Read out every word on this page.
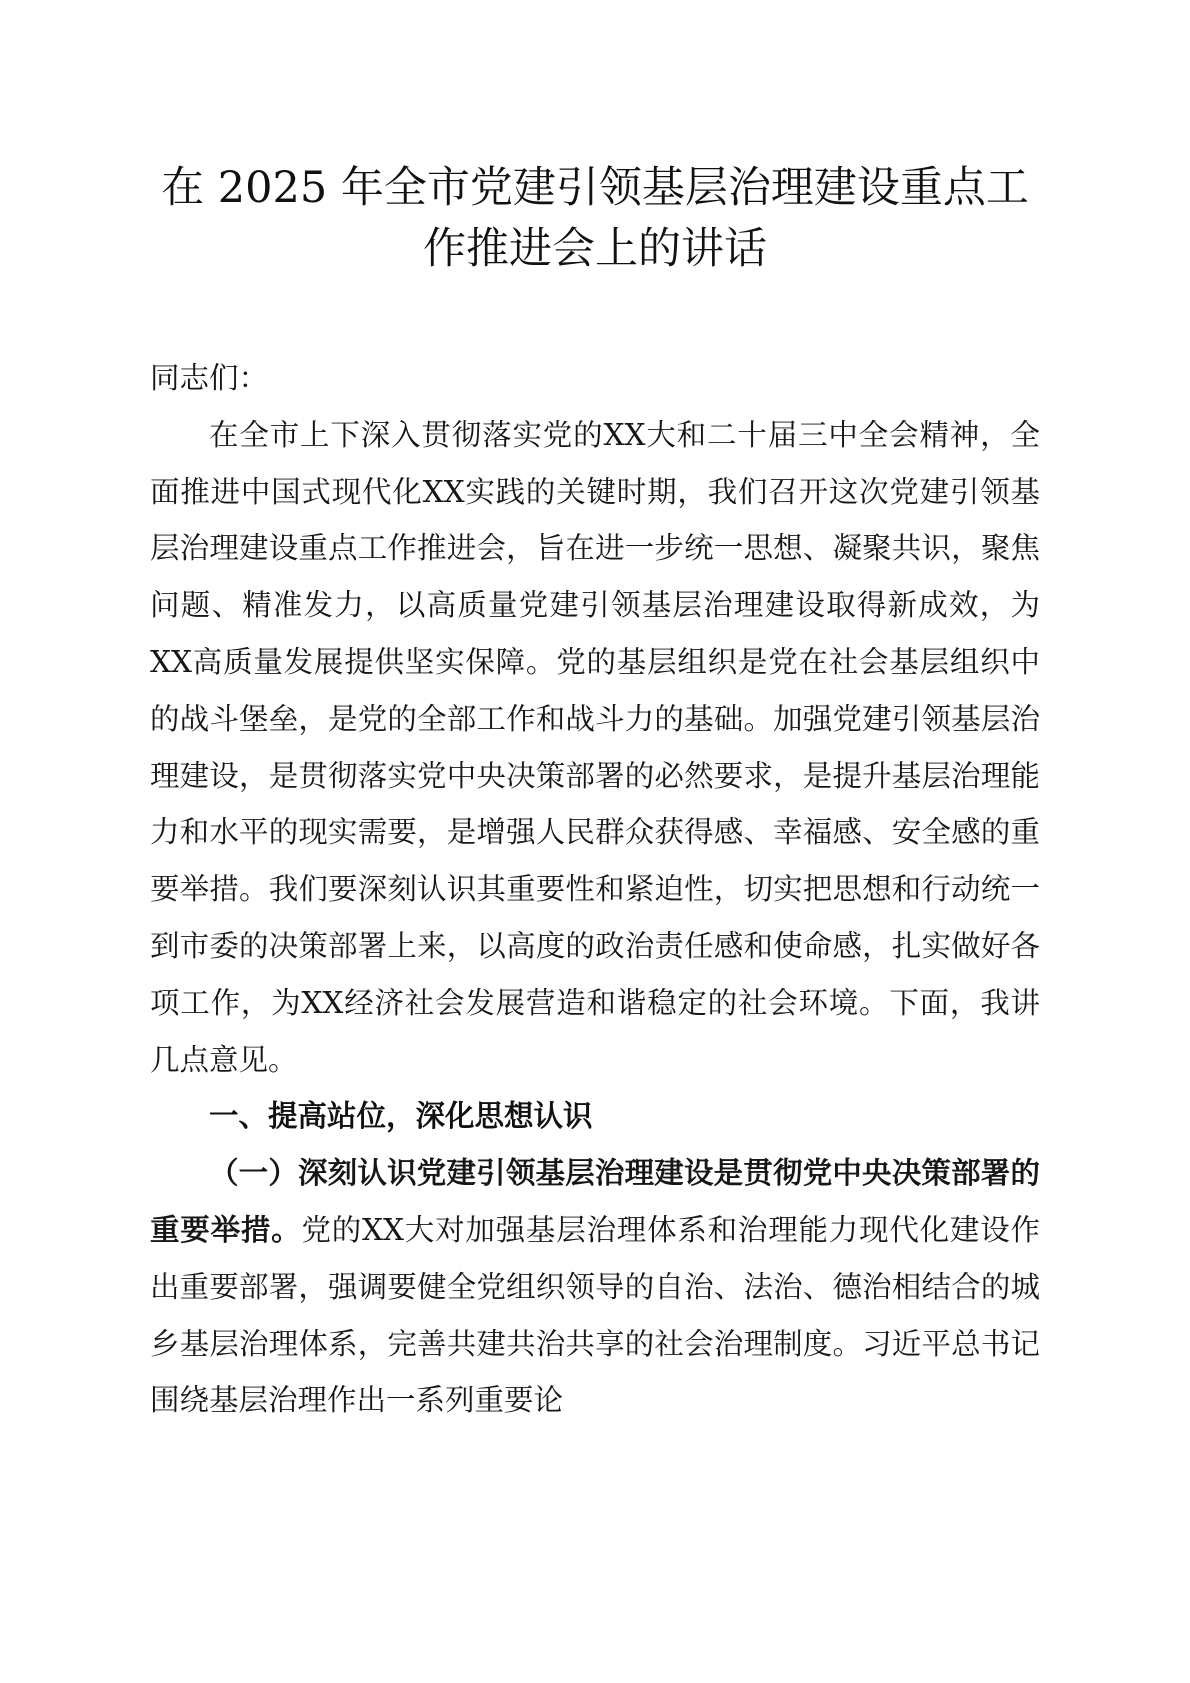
在 2025 年全市党建引领基层治理建设重点工作推进会上的讲话

同志们：

在全市上下深入贯彻落实党的XX大和二十届三中全会精神，全面推进中国式现代化XX实践的关键时期，我们召开这次党建引领基层治理建设重点工作推进会，旨在进一步统一思想、凝聚共识，聚焦问题、精准发力，以高质量党建引领基层治理建设取得新成效，为XX高质量发展提供坚实保障。党的基层组织是党在社会基层组织中的战斗堡垒，是党的全部工作和战斗力的基础。加强党建引领基层治理建设，是贯彻落实党中央决策部署的必然要求，是提升基层治理能力和水平的现实需要，是增强人民群众获得感、幸福感、安全感的重要举措。我们要深刻认识其重要性和紧迫性，切实把思想和行动统一到市委的决策部署上来，以高度的政治责任感和使命感，扎实做好各项工作，为XX经济社会发展营造和谐稳定的社会环境。下面，我讲几点意见。

一、提高站位，深化思想认识

（一）深刻认识党建引领基层治理建设是贯彻党中央决策部署的重要举措。党的XX大对加强基层治理体系和治理能力现代化建设作出重要部署，强调要健全党组织领导的自治、法治、德治相结合的城乡基层治理体系，完善共建共治共享的社会治理制度。习近平总书记围绕基层治理作出一系列重要论
